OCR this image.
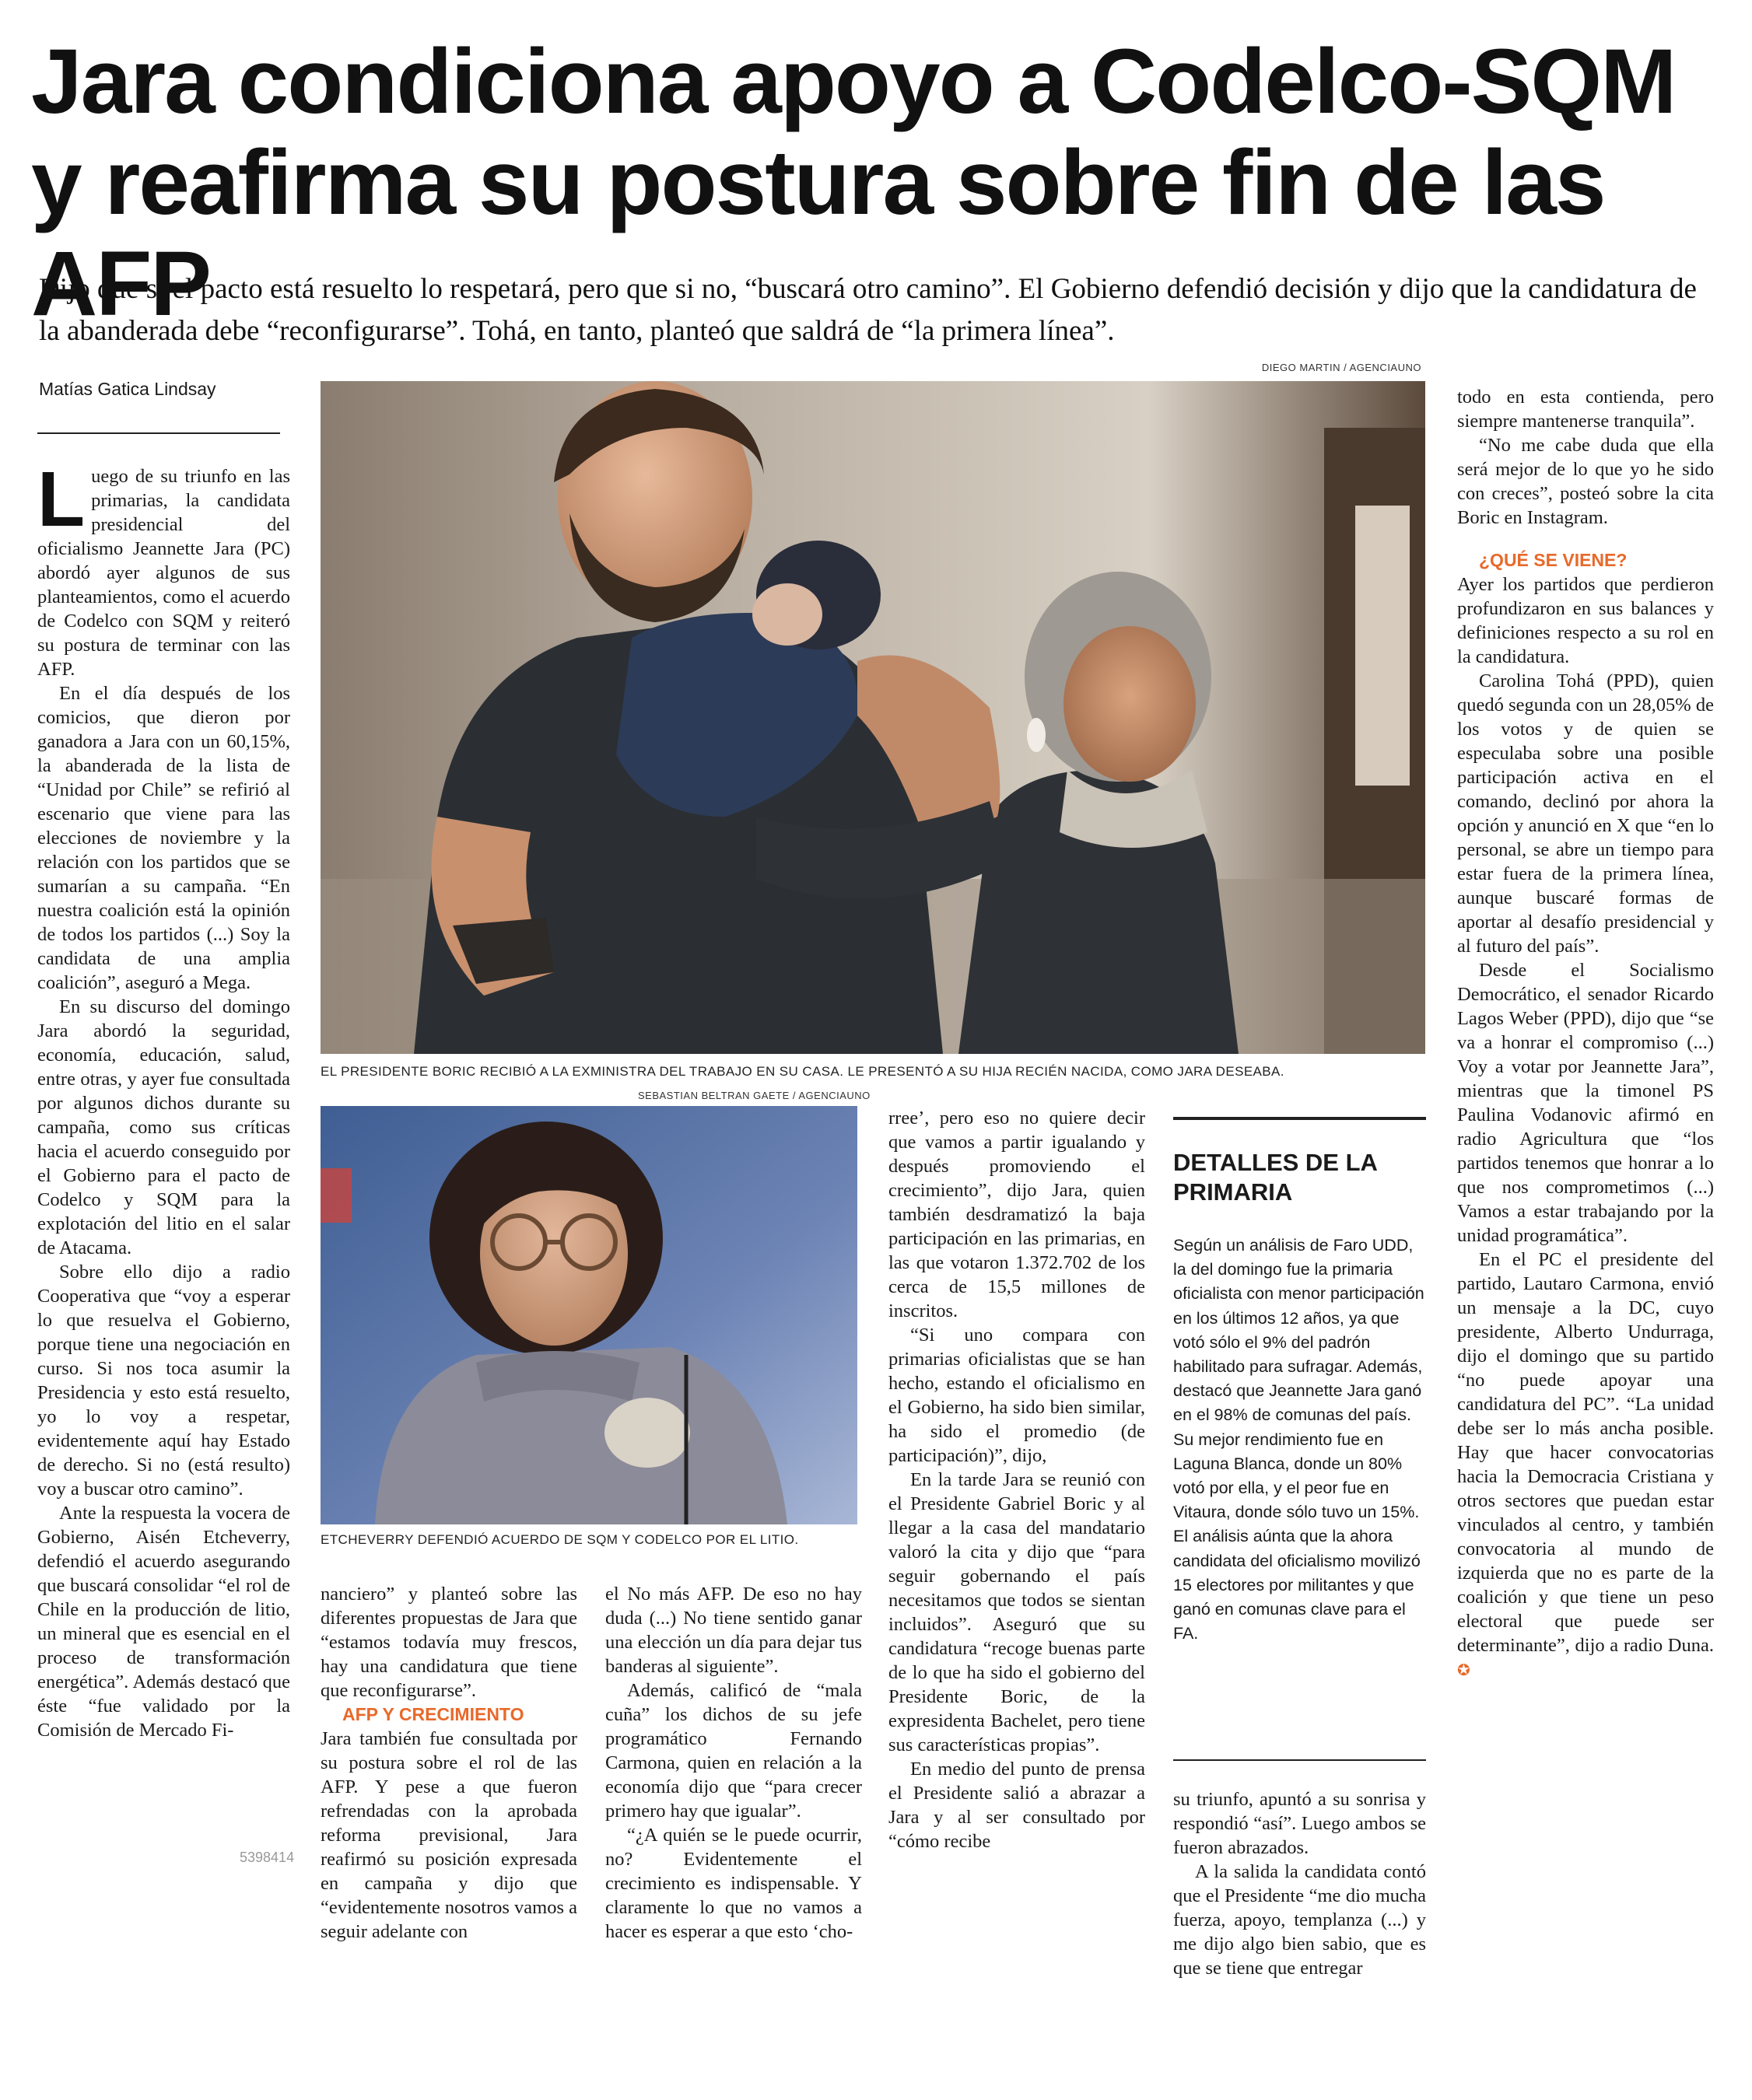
Jara condiciona apoyo a Codelco-SQM y reafirma su postura sobre fin de las AFP

Dijo que si el pacto está resuelto lo respetará, pero que si no, “buscará otro camino”. El Gobierno defendió decisión y dijo que la candidatura de la abanderada debe “reconfigurarse”. Tohá, en tanto, planteó que saldrá de “la primera línea”.

Matías Gatica Lindsay
DIEGO MARTIN / AGENCIAUNO
EL PRESIDENTE BORIC RECIBIÓ A LA EXMINISTRA DEL TRABAJO EN SU CASA. LE PRESENTÓ A SU HIJA RECIÉN NACIDA, COMO JARA DESEABA.
SEBASTIAN BELTRAN GAETE / AGENCIAUNO
ETCHEVERRY DEFENDIÓ ACUERDO DE SQM Y CODELCO POR EL LITIO.
L uego de su triunfo en las primarias, la candidata presidencial del oficialismo Jeannette Jara (PC) abordó ayer algunos de sus planteamientos, como el acuerdo de Codelco con SQM y reiteró su postura de terminar con las AFP.

En el día después de los comicios, que dieron por ganadora a Jara con un 60,15%, la abanderada de la lista de “Unidad por Chile” se refirió al escenario que viene para las elecciones de noviembre y la relación con los partidos que se sumarían a su campaña. “En nuestra coalición está la opinión de todos los partidos (...) Soy la candidata de una amplia coalición”, aseguró a Mega.

En su discurso del domingo Jara abordó la seguridad, economía, educación, salud, entre otras, y ayer fue consultada por algunos dichos durante su campaña, como sus críticas hacia el acuerdo conseguido por el Gobierno para el pacto de Codelco y SQM para la explotación del litio en el salar de Atacama.

Sobre ello dijo a radio Cooperativa que “voy a esperar lo que resuelva el Gobierno, porque tiene una negociación en curso. Si nos toca asumir la Presidencia y esto está resuelto, yo lo voy a respetar, evidentemente aquí hay Estado de derecho. Si no (está resulto) voy a buscar otro camino”.

Ante la respuesta la vocera de Gobierno, Aisén Etcheverry, defendió el acuerdo asegurando que buscará consolidar “el rol de Chile en la producción de litio, un mineral que es esencial en el proceso de transformación energética”. Además destacó que éste “fue validado por la Comisión de Mercado Fi-

nanciero” y planteó sobre las diferentes propuestas de Jara que “estamos todavía muy frescos, hay una candidatura que tiene que reconfigurarse”.

AFP Y CRECIMIENTO

Jara también fue consultada por su postura sobre el rol de las AFP. Y pese a que fueron refrendadas con la aprobada reforma previsional, Jara reafirmó su posición expresada en campaña y dijo que “evidentemente nosotros vamos a seguir adelante con

5398414

el No más AFP. De eso no hay duda (...) No tiene sentido ganar una elección un día para dejar tus banderas al siguiente”.

Además, calificó de “mala cuña” los dichos de su jefe programático Fernando Carmona, quien en relación a la economía dijo que “para crecer primero hay que igualar”.

“¿A quién se le puede ocurrir, no? Evidentemente el crecimiento es indispensable. Y claramente lo que no vamos a hacer es esperar a que esto ‘cho-

rree’, pero eso no quiere decir que vamos a partir igualando y después promoviendo el crecimiento”, dijo Jara, quien también desdramatizó la baja participación en las primarias, en las que votaron 1.372.702 de los cerca de 15,5 millones de inscritos.

“Si uno compara con primarias oficialistas que se han hecho, estando el oficialismo en el Gobierno, ha sido bien similar, ha sido el promedio (de participación)”, dijo,

En la tarde Jara se reunió con el Presidente Gabriel Boric y al llegar a la casa del mandatario valoró la cita y dijo que “para seguir gobernando el país necesitamos que todos se sientan incluidos”. Aseguró que su candidatura “recoge buenas parte de lo que ha sido el gobierno del Presidente Boric, de la expresidenta Bachelet, pero tiene sus características propias”.

En medio del punto de prensa el Presidente salió a abrazar a Jara y al ser consultado por “cómo recibe

DETALLES DE LA PRIMARIA

Según un análisis de Faro UDD, la del domingo fue la primaria oficialista con menor participación en los últimos 12 años, ya que votó sólo el 9% del padrón habilitado para sufragar. Además, destacó que Jeannette Jara ganó en el 98% de comunas del país. Su mejor rendimiento fue en Laguna Blanca, donde un 80% votó por ella, y el peor fue en Vitaura, donde sólo tuvo un 15%. El análisis aúnta que la ahora candidata del oficialismo movilizó 15 electores por militantes y que ganó en comunas clave para el FA.

su triunfo, apuntó a su sonrisa y respondió “así”. Luego ambos se fueron abrazados.

A la salida la candidata contó que el Presidente “me dio mucha fuerza, apoyo, templanza (...) y me dijo algo bien sabio, que es que se tiene que entregar

todo en esta contienda, pero siempre mantenerse tranquila”.

“No me cabe duda que ella será mejor de lo que yo he sido con creces”, posteó sobre la cita Boric en Instagram.

¿QUÉ SE VIENE?

Ayer los partidos que perdieron profundizaron en sus balances y definiciones respecto a su rol en la candidatura.

Carolina Tohá (PPD), quien quedó segunda con un 28,05% de los votos y de quien se especulaba sobre una posible participación activa en el comando, declinó por ahora la opción y anunció en X que “en lo personal, se abre un tiempo para estar fuera de la primera línea, aunque buscaré formas de aportar al desafío presidencial y al futuro del país”.

Desde el Socialismo Democrático, el senador Ricardo Lagos Weber (PPD), dijo que “se va a honrar el compromiso (...) Voy a votar por Jeannette Jara”, mientras que la timonel PS Paulina Vodanovic afirmó en radio Agricultura que “los partidos tenemos que honrar a lo que nos comprometimos (...) Vamos a estar trabajando por la unidad programática”.

En el PC el presidente del partido, Lautaro Carmona, envió un mensaje a la DC, cuyo presidente, Alberto Undurraga, dijo el domingo que su partido “no puede apoyar una candidatura del PC”. “La unidad debe ser lo más ancha posible. Hay que hacer convocatorias hacia la Democracia Cristiana y otros sectores que puedan estar vinculados al centro, y también convocatoria al mundo de izquierda que no es parte de la coalición y que tiene un peso electoral que puede ser determinante”, dijo a radio Duna. ✪
